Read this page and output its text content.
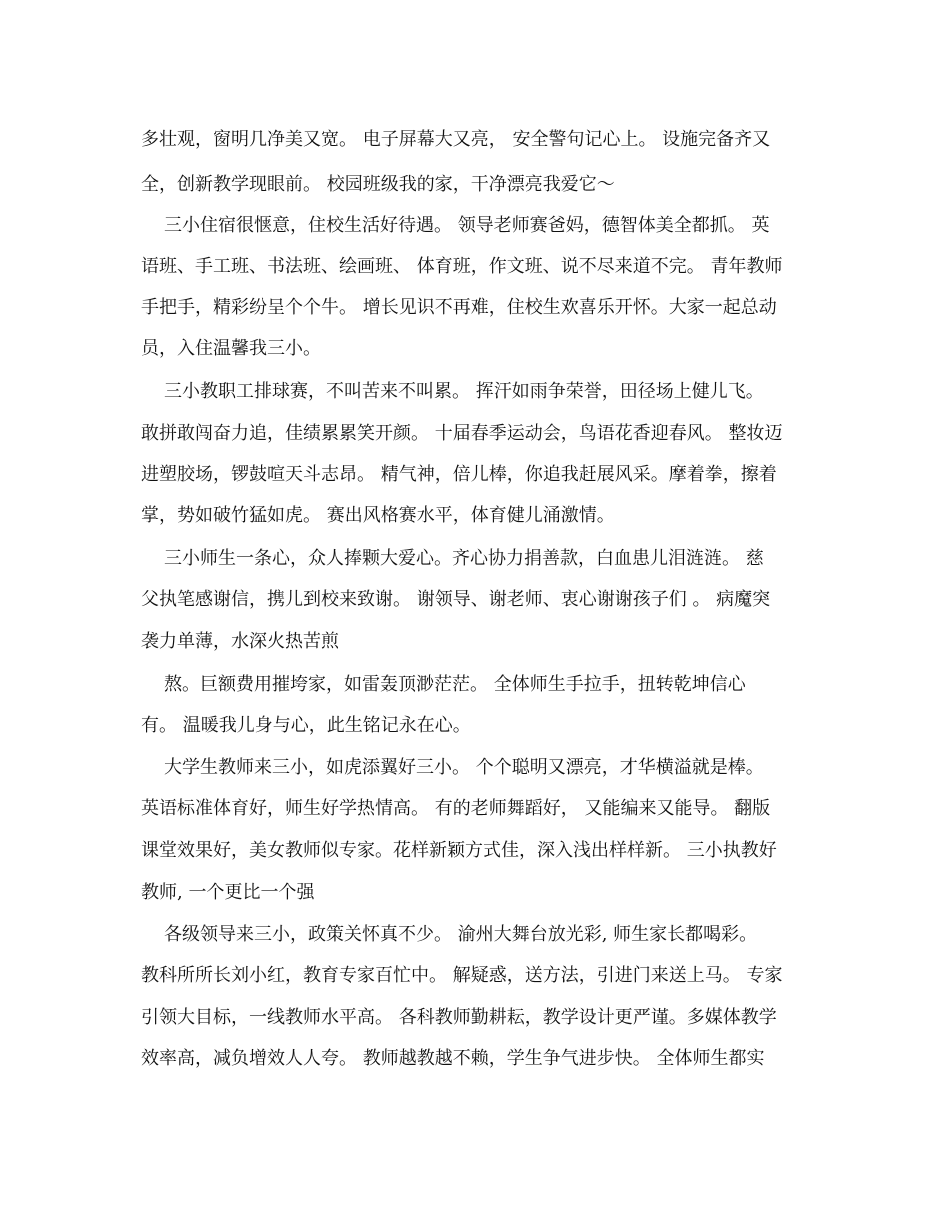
多壮观，窗明几净美又宽。 电子屏幕大又亮， 安全警句记心上。 设施完备齐又
全，创新教学现眼前。 校园班级我的家，干净漂亮我爱它～
三小住宿很惬意，住校生活好待遇。 领导老师赛爸妈，德智体美全都抓。 英
语班、手工班、书法班、绘画班、 体育班，作文班、说不尽来道不完。 青年教师
手把手，精彩纷呈个个牛。 增长见识不再难，住校生欢喜乐开怀。大家一起总动
员，入住温馨我三小。
三小教职工排球赛，不叫苦来不叫累。 挥汗如雨争荣誉，田径场上健儿飞。
敢拼敢闯奋力追，佳绩累累笑开颜。 十届春季运动会，鸟语花香迎春风。 整妆迈
进塑胶场，锣鼓喧天斗志昂。 精气神，倍儿棒，你追我赶展风采。摩着拳，擦着
掌，势如破竹猛如虎。 赛出风格赛水平，体育健儿涌激情。
三小师生一条心，众人捧颗大爱心。齐心协力捐善款，白血患儿泪涟涟。 慈
父执笔感谢信，携儿到校来致谢。 谢领导、谢老师、衷心谢谢孩子们 。 病魔突
袭力单薄，水深火热苦煎
熬。巨额费用摧垮家，如雷轰顶渺茫茫。 全体师生手拉手，扭转乾坤信心
有。 温暖我儿身与心，此生铭记永在心。
大学生教师来三小，如虎添翼好三小。 个个聪明又漂亮，才华横溢就是棒。
英语标准体育好，师生好学热情高。 有的老师舞蹈好， 又能编来又能导。 翻版
课堂效果好，美女教师似专家。花样新颖方式佳，深入浅出样样新。 三小执教好
教师, 一个更比一个强
各级领导来三小，政策关怀真不少。 渝州大舞台放光彩, 师生家长都喝彩。
教科所所长刘小红，教育专家百忙中。 解疑惑，送方法，引进门来送上马。 专家
引领大目标，一线教师水平高。 各科教师勤耕耘，教学设计更严谨。多媒体教学
效率高，减负增效人人夸。 教师越教越不赖，学生争气进步快。 全体师生都实
